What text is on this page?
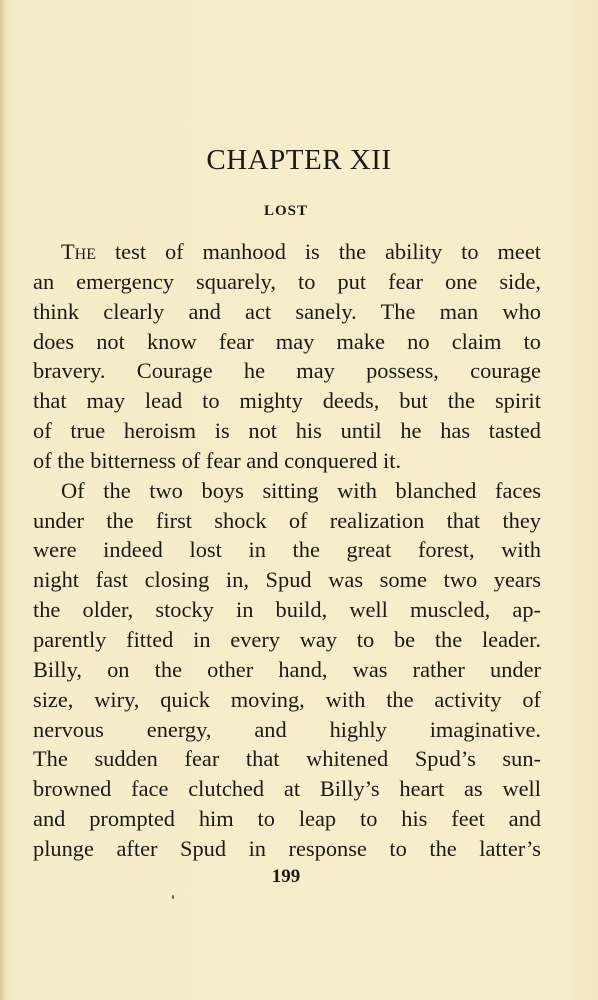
CHAPTER XII
LOST
The test of manhood is the ability to meet
an emergency squarely, to put fear one side,
think clearly and act sanely. The man who
does not know fear may make no claim to
bravery. Courage he may possess, courage
that may lead to mighty deeds, but the spirit
of true heroism is not his until he has tasted
of the bitterness of fear and conquered it.
Of the two boys sitting with blanched faces
under the first shock of realization that they
were indeed lost in the great forest, with
night fast closing in, Spud was some two years
the older, stocky in build, well muscled, ap-
parently fitted in every way to be the leader.
Billy, on the other hand, was rather under
size, wiry, quick moving, with the activity of
nervous energy, and highly imaginative.
The sudden fear that whitened Spud’s sun-
browned face clutched at Billy’s heart as well
and prompted him to leap to his feet and
plunge after Spud in response to the latter’s
199
